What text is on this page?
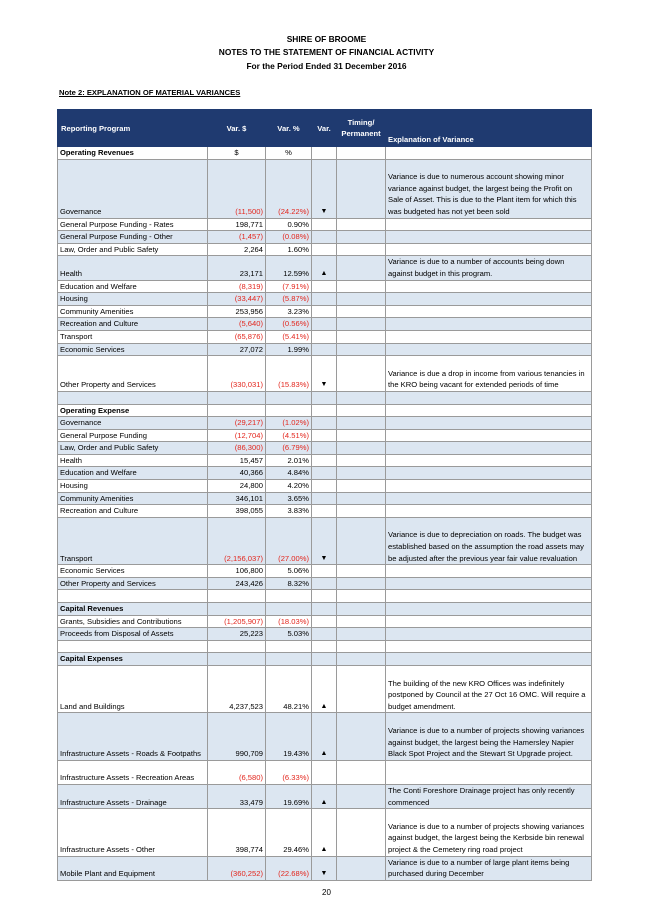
SHIRE OF BROOME
NOTES TO THE STATEMENT OF FINANCIAL ACTIVITY
For the Period Ended 31 December 2016
Note 2: EXPLANATION OF MATERIAL VARIANCES
Reporting Program	Var. $	Var. %	Var.	Timing/ Permanent	Explanation of Variance
Operating Revenues	$	%			
Governance	(11,500)	(24.22%)	▼		Variance is due to numerous account showing minor variance against budget, the largest being the Profit on Sale of Asset. This is due to the Plant item for which this was budgeted has not yet been sold
General Purpose Funding - Rates	198,771	0.90%			
General Purpose Funding - Other	(1,457)	(0.08%)			
Law, Order and Public Safety	2,264	1.60%			
Health	23,171	12.59%	▲		Variance is due to a number of accounts being down against budget in this program.
Education and Welfare	(8,319)	(7.91%)			
Housing	(33,447)	(5.87%)			
Community Amenities	253,956	3.23%			
Recreation and Culture	(5,640)	(0.56%)			
Transport	(65,876)	(5.41%)			
Economic Services	27,072	1.99%			
Other Property and Services	(330,031)	(15.83%)	▼		Variance is due a drop in income from various tenancies in the KRO being vacant for extended periods of time

Operating Expense					
Governance	(29,217)	(1.02%)			
General Purpose Funding	(12,704)	(4.51%)			
Law, Order and Public Safety	(86,300)	(6.79%)			
Health	15,457	2.01%			
Education and Welfare	40,366	4.84%			
Housing	24,800	4.20%			
Community Amenities	346,101	3.65%			
Recreation and Culture	398,055	3.83%			
Transport	(2,156,037)	(27.00%)	▼		Variance is due to depreciation on roads. The budget was established based on the assumption the road assets may be adjusted after the previous year fair value revaluation
Economic Services	106,800	5.06%			
Other Property and Services	243,426	8.32%			

Capital Revenues					
Grants, Subsidies and Contributions	(1,205,907)	(18.03%)			
Proceeds from Disposal of Assets	25,223	5.03%			

Capital Expenses					
Land and Buildings	4,237,523	48.21%	▲		The building of the new KRO Offices was indefinitely postponed by Council at the 27 Oct 16 OMC. Will require a budget amendment.
Infrastructure Assets - Roads & Footpaths	990,709	19.43%	▲		Variance is due to a number of projects showing variances against budget, the largest being the Hamersley Napier Black Spot Project and the Stewart St Upgrade project.
Infrastructure Assets - Recreation Areas	(6,580)	(6.33%)			
Infrastructure Assets - Drainage	33,479	19.69%	▲		The Conti Foreshore Drainage project has only recently commenced
Infrastructure Assets - Other	398,774	29.46%	▲		Variance is due to a number of projects showing variances against budget, the largest being the Kerbside bin renewal project & the Cemetery ring road project
Mobile Plant and Equipment	(360,252)	(22.68%)	▼		Variance is due to a number of large plant items being purchased during December
20
